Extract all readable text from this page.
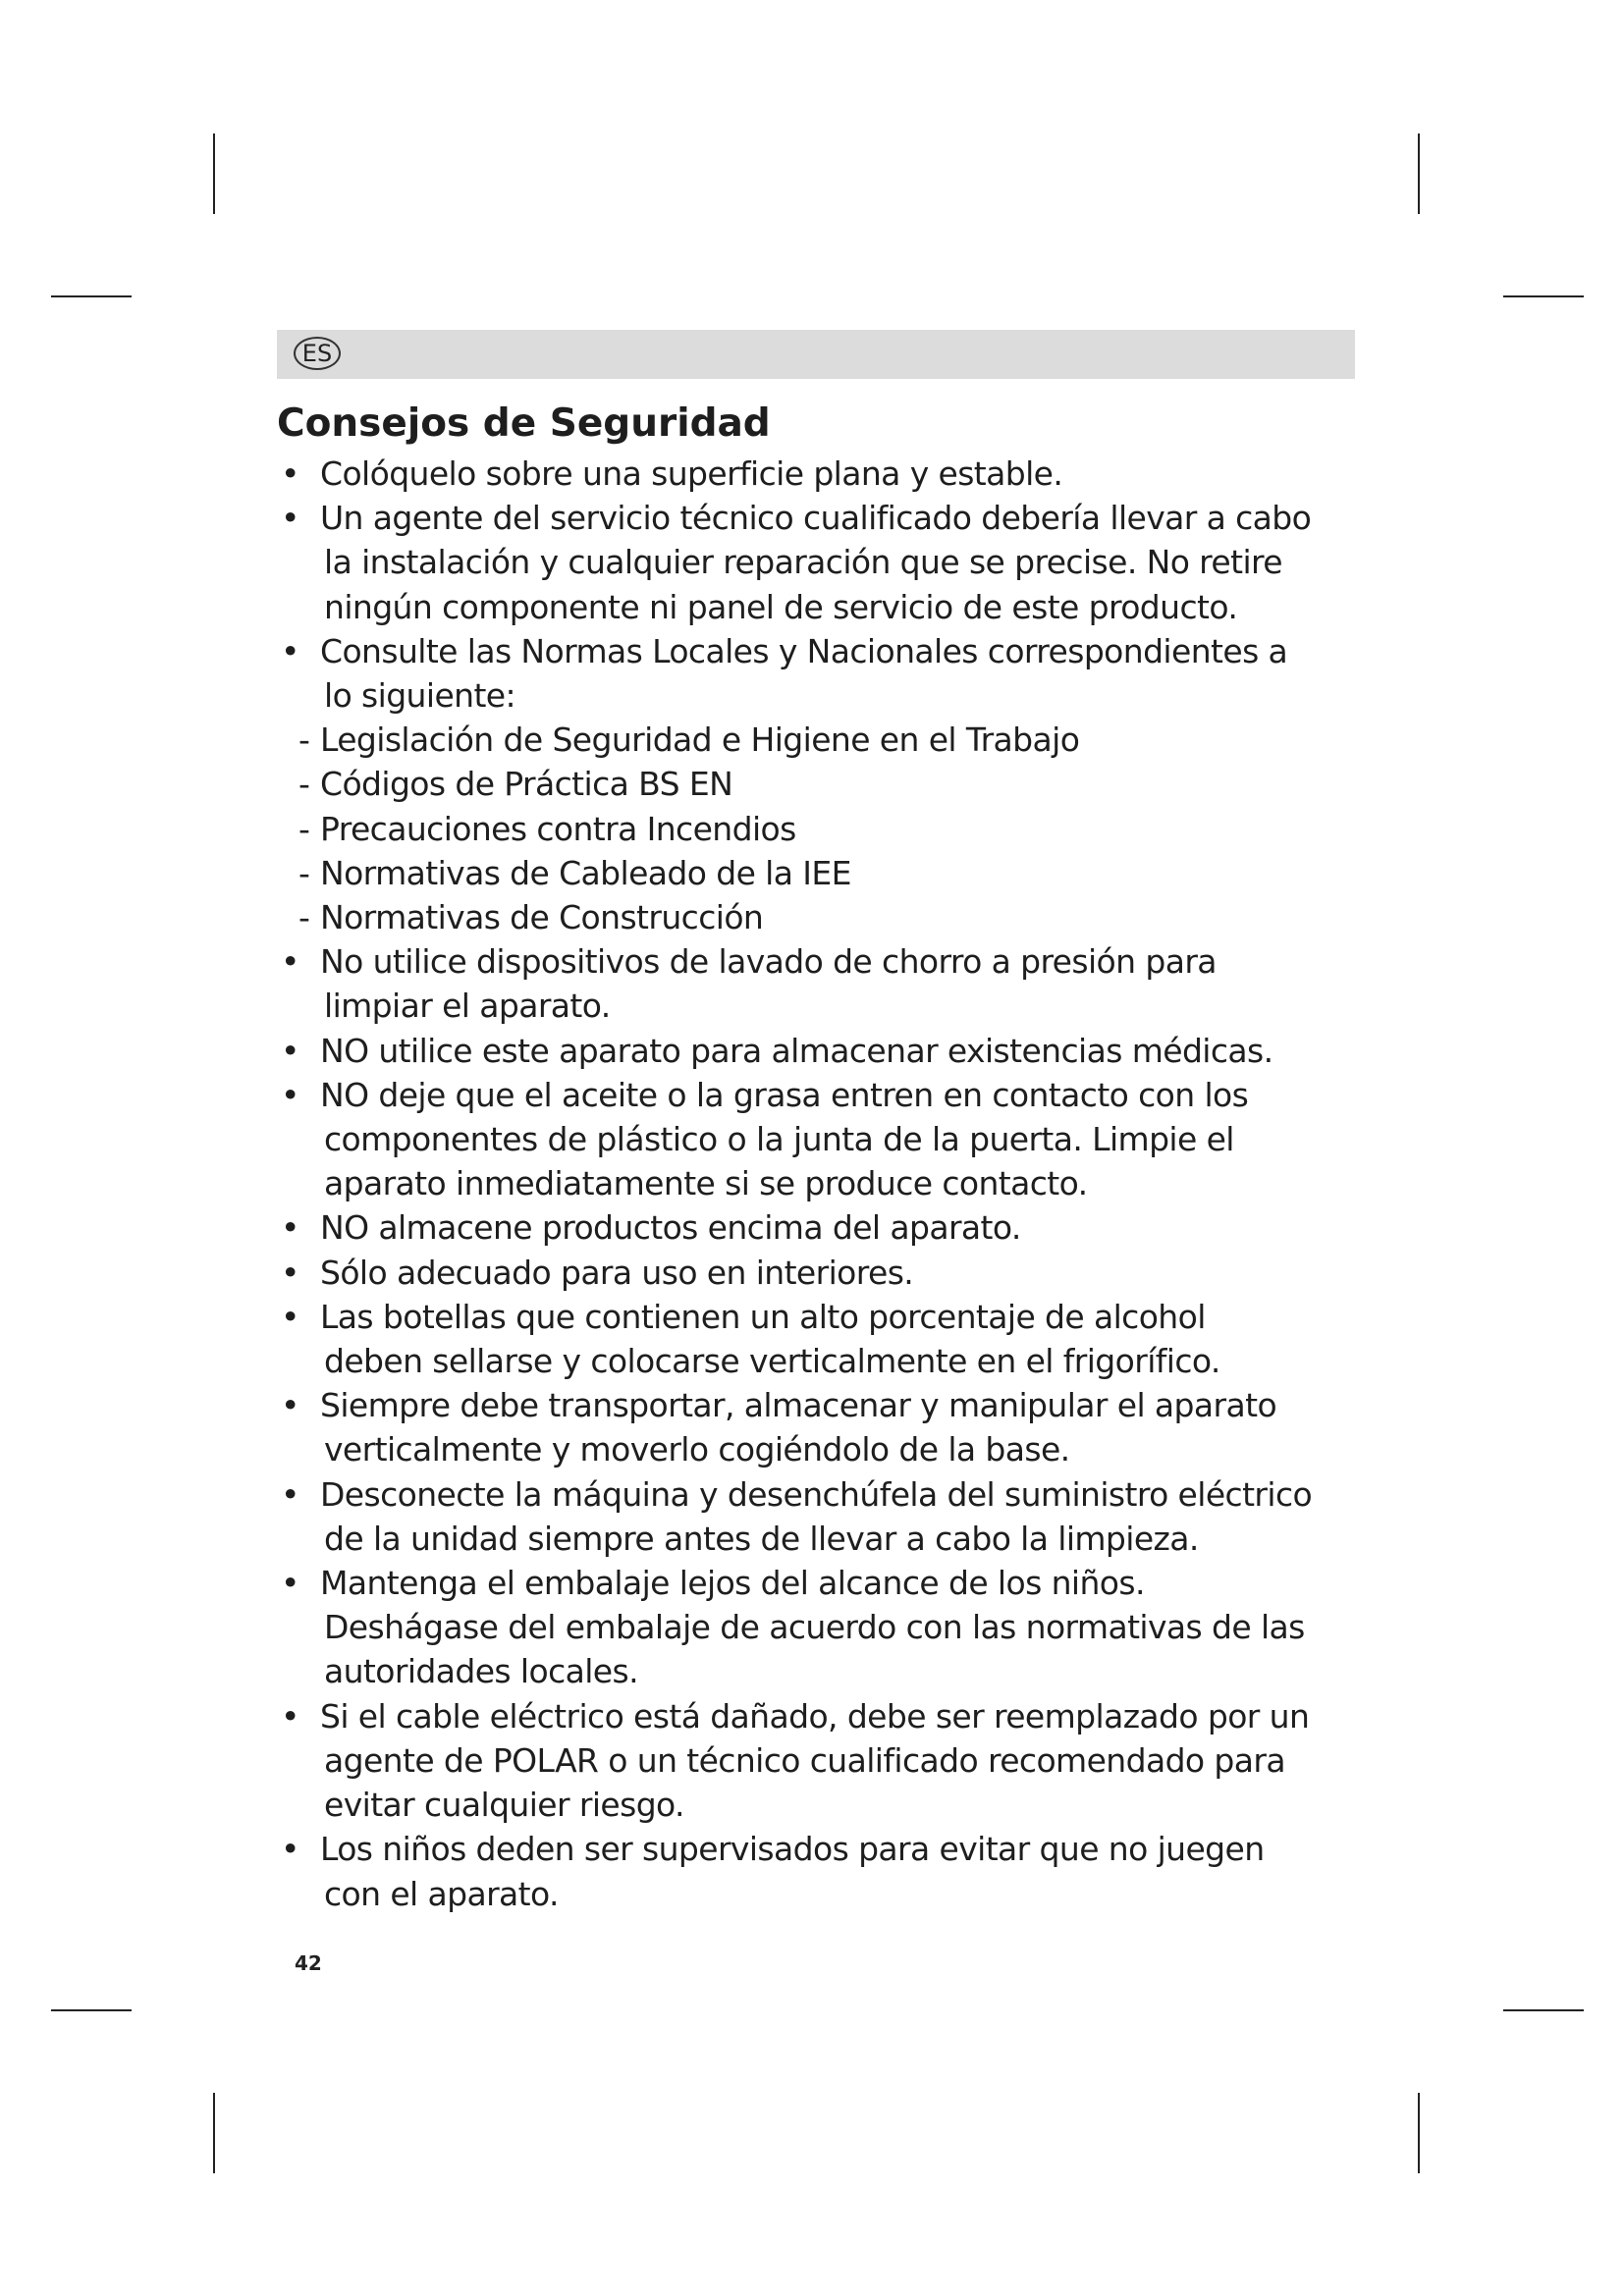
ES
Consejos de Seguridad
• Colóquelo sobre una superficie plana y estable.
• Un agente del servicio técnico cualificado debería llevar a cabo
la instalación y cualquier reparación que se precise. No retire
ningún componente ni panel de servicio de este producto.
• Consulte las Normas Locales y Nacionales correspondientes a
lo siguiente:
- Legislación de Seguridad e Higiene en el Trabajo
- Códigos de Práctica BS EN
- Precauciones contra Incendios
- Normativas de Cableado de la IEE
- Normativas de Construcción
• No utilice dispositivos de lavado de chorro a presión para
limpiar el aparato.
• NO utilice este aparato para almacenar existencias médicas.
• NO deje que el aceite o la grasa entren en contacto con los
componentes de plástico o la junta de la puerta. Limpie el
aparato inmediatamente si se produce contacto.
• NO almacene productos encima del aparato.
• Sólo adecuado para uso en interiores.
• Las botellas que contienen un alto porcentaje de alcohol
deben sellarse y colocarse verticalmente en el frigorífico.
• Siempre debe transportar, almacenar y manipular el aparato
verticalmente y moverlo cogiéndolo de la base.
• Desconecte la máquina y desenchúfela del suministro eléctrico
de la unidad siempre antes de llevar a cabo la limpieza.
• Mantenga el embalaje lejos del alcance de los niños.
Deshágase del embalaje de acuerdo con las normativas de las
autoridades locales.
• Si el cable eléctrico está dañado, debe ser reemplazado por un
agente de POLAR o un técnico cualificado recomendado para
evitar cualquier riesgo.
• Los niños deden ser supervisados para evitar que no juegen
con el aparato.
42
